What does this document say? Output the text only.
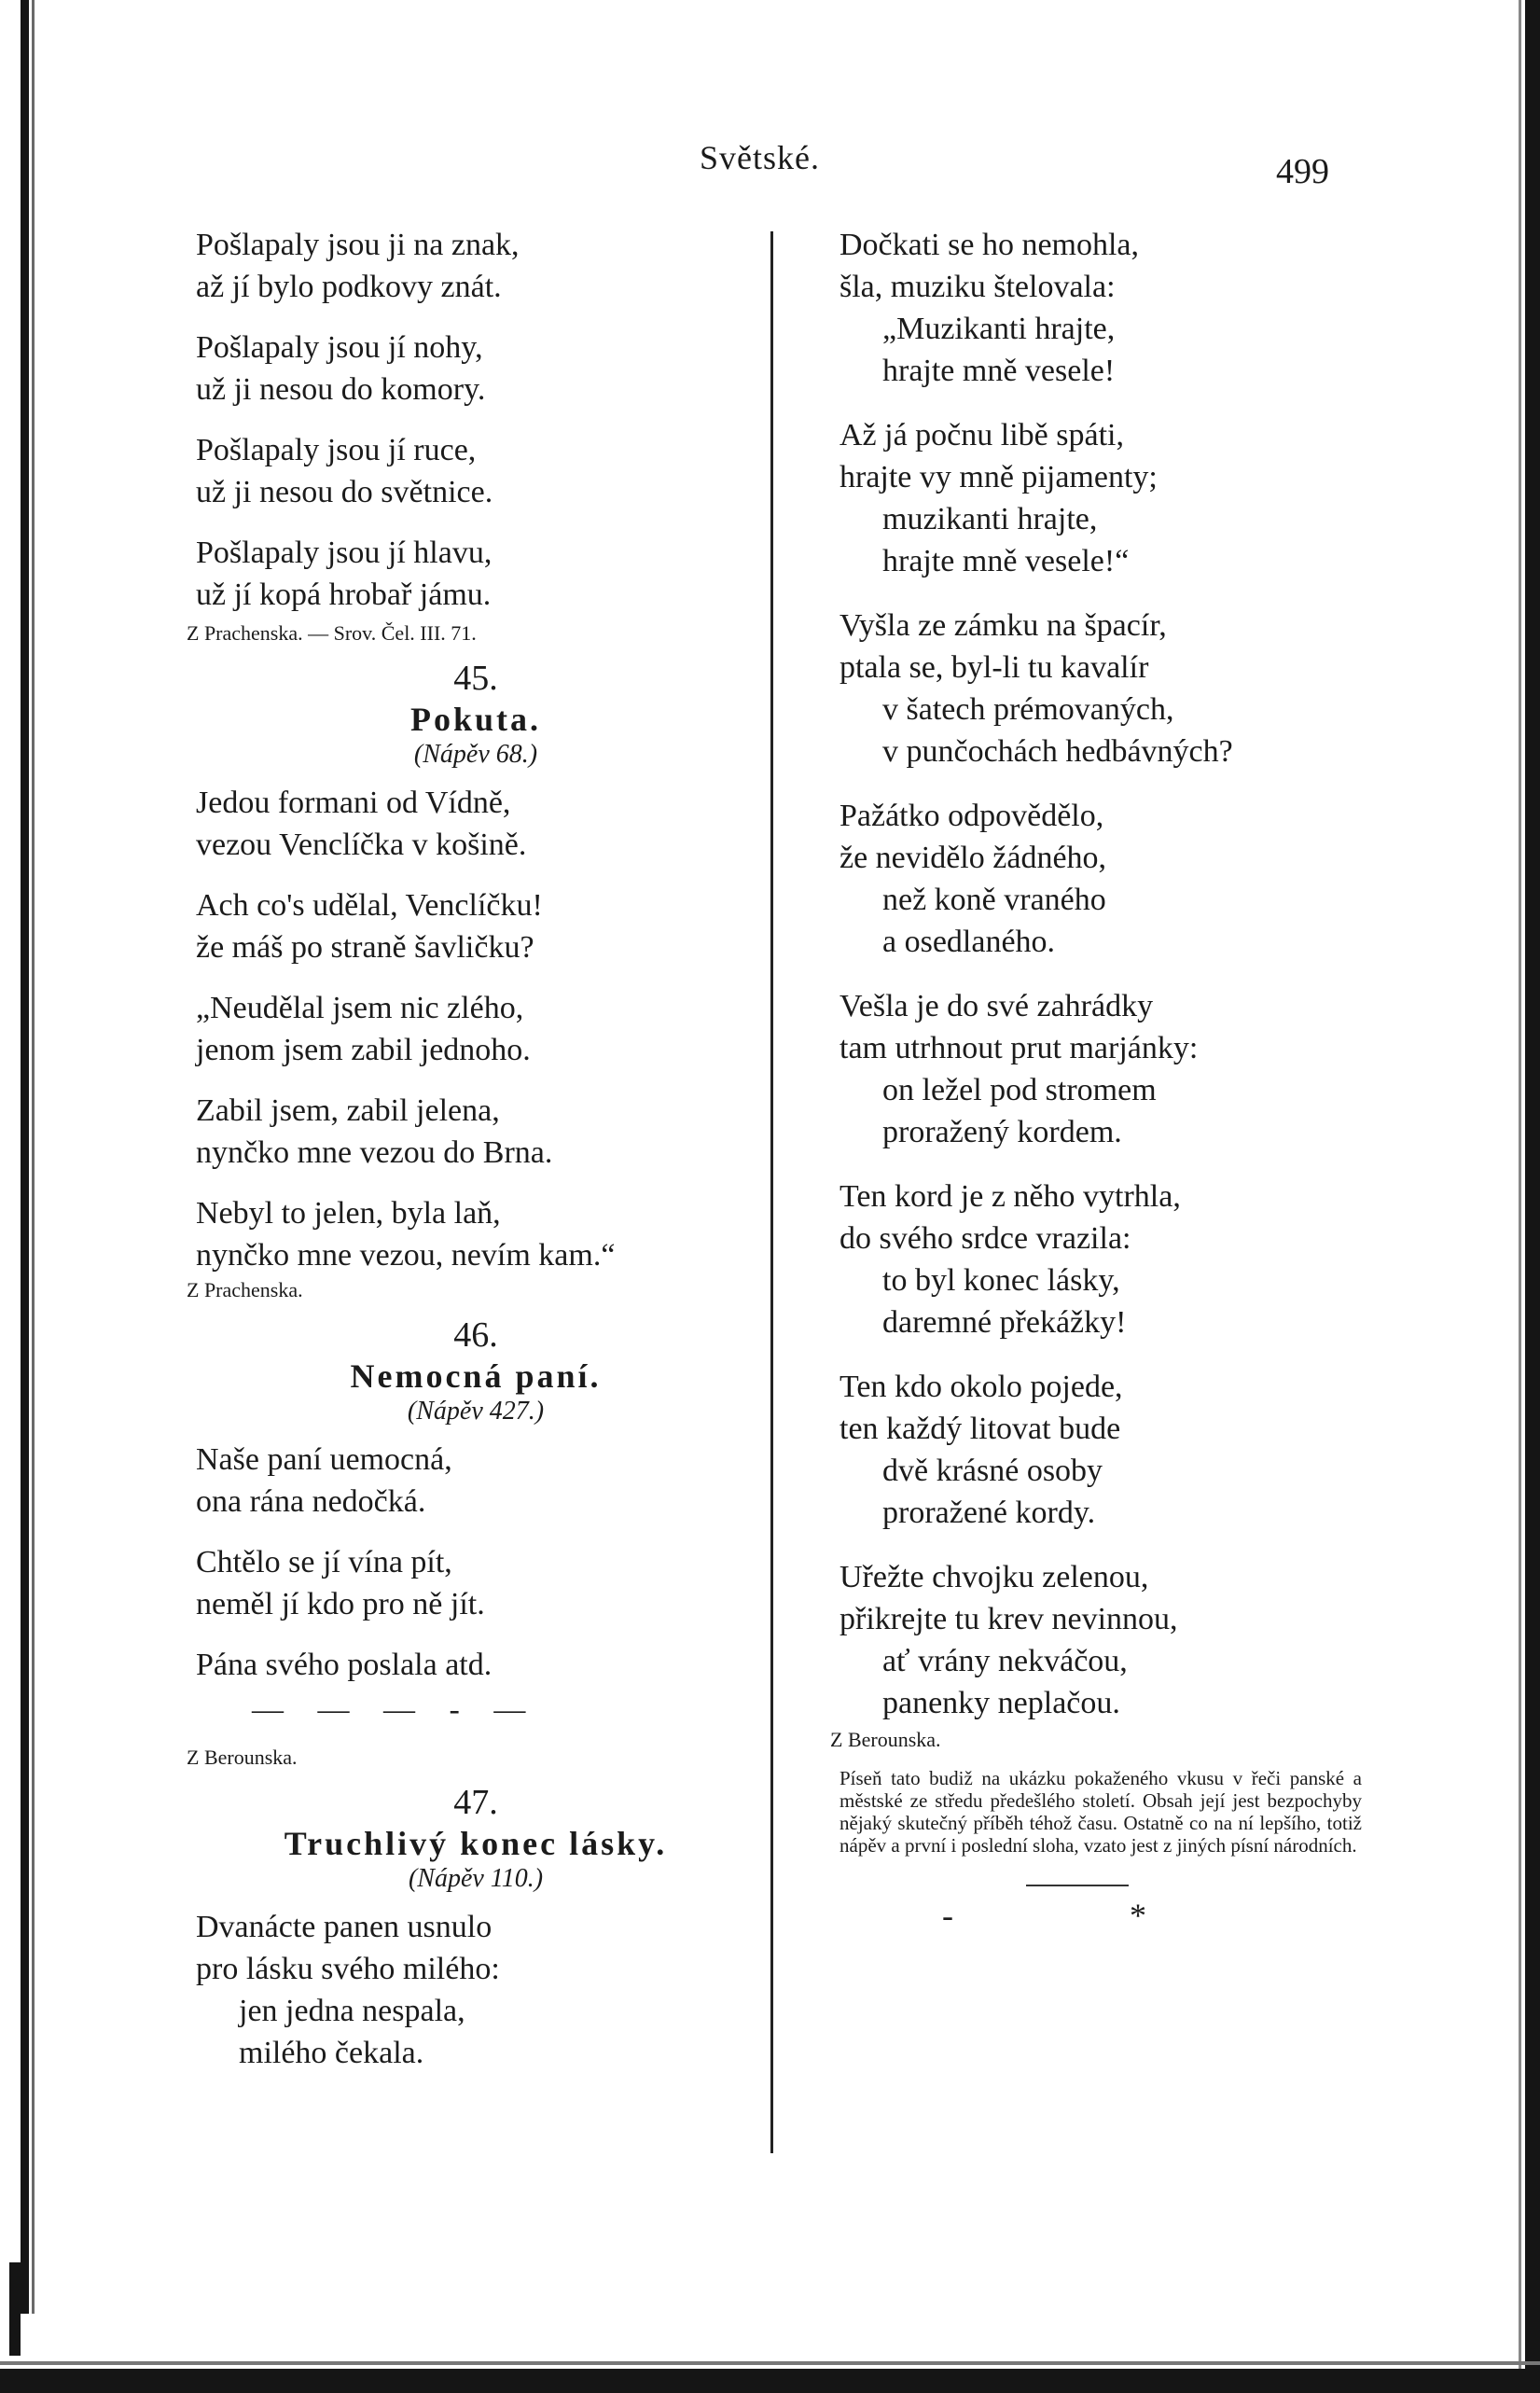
Světské.	499
Pošlapaly jsou ji na znak,
až jí bylo podkovy znát.
Pošlapaly jsou jí nohy,
už ji nesou do komory.
Pošlapaly jsou jí ruce,
už ji nesou do světnice.
Pošlapaly jsou jí hlavu,
už jí kopá hrobař jámu.
Z Prachenska. — Srov. Čel. III. 71.
45.
Pokuta.
(Nápěv 68.)
Jedou formani od Vídně,
vezou Venclíčka v košině.
Ach co's udělal, Venclíčku!
že máš po straně šavličku?
„Neudělal jsem nic zlého,
jenom jsem zabil jednoho.
Zabil jsem, zabil jelena,
nynčko mne vezou do Brna.
Nebyl to jelen, byla laň,
nynčko mne vezou, nevím kam.“
Z Prachenska.
46.
Nemocná paní.
(Nápěv 427.)
Naše paní uemocná,
ona rána nedočká.
Chtělo se jí vína pít,
neměl jí kdo pro ně jít.
Pána svého poslala atd.
— — — - —
Z Berounska.
47.
Truchlivý konec lásky.
(Nápěv 110.)
Dvanácte panen usnulo
pro lásku svého milého:
jen jedna nespala,
milého čekala.
Dočkati se ho nemohla,
šla, muziku štelovala:
„Muzikanti hrajte,
hrajte mně vesele!
Až já počnu libě spáti,
hrajte vy mně pijamenty;
muzikanti hrajte,
hrajte mně vesele!“
Vyšla ze zámku na špacír,
ptala se, byl-li tu kavalír
v šatech prémovaných,
v punčochách hedbávných?
Pažátko odpovědělo,
že nevidělo žádného,
než koně vraného
a osedlaného.
Vešla je do své zahrádky
tam utrhnout prut marjánky:
on ležel pod stromem
proražený kordem.
Ten kord je z něho vytrhla,
do svého srdce vrazila:
to byl konec lásky,
daremné překážky!
Ten kdo okolo pojede,
ten každý litovat bude
dvě krásné osoby
proražené kordy.
Uřežte chvojku zelenou,
přikrejte tu krev nevinnou,
ať vrány nekváčou,
panenky neplačou.
Z Berounska.
Píseň tato budiž na ukázku pokaženého vkusu v řeči panské a městské ze středu předešlého století. Obsah její jest bezpochyby nějaký skutečný příběh téhož času. Ostatně co na ní lepšího, totiž nápěv a první i poslední sloha, vzato jest z jiných písní národních.
-	*
